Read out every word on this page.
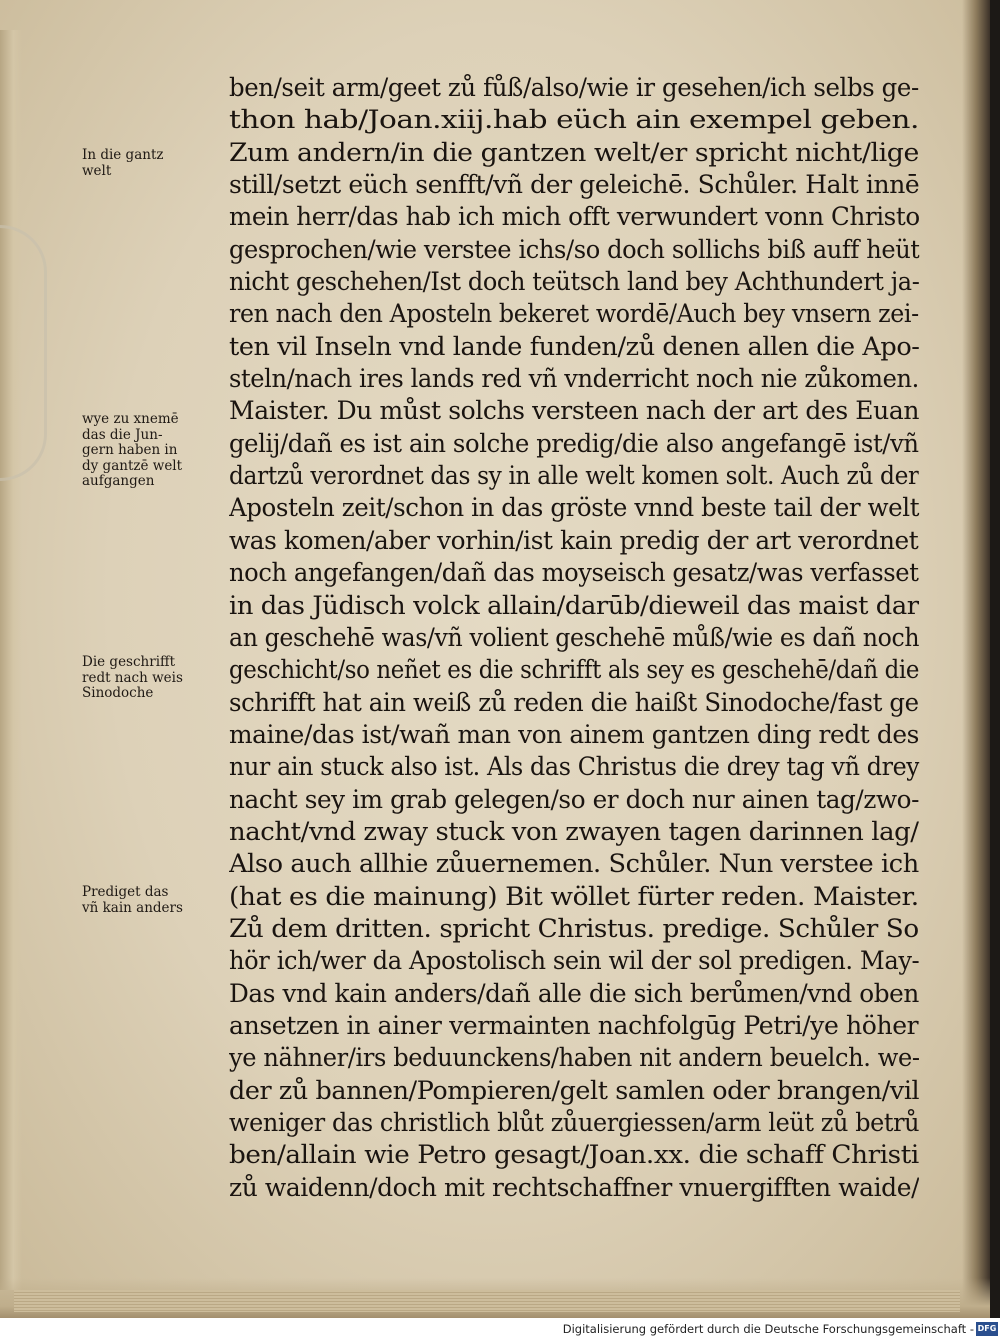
ben/seit arm/geet zů fůß/also/wie ir gesehen/ich selbs ge-
thon hab/Joan.xiij.hab eüch ain exempel geben.
Zum andern/in die gantzen welt/er spricht nicht/lige
still/setzt eüch senfft/vñ der geleichē. Schůler. Halt innē
mein herr/das hab ich mich offt verwundert vonn Christo
gesprochen/wie verstee ichs/so doch sollichs biß auff heüt
nicht geschehen/Ist doch teütsch land bey Achthundert ja-
ren nach den Aposteln bekeret wordē/Auch bey vnsern zei-
ten vil Inseln vnd lande funden/zů denen allen die Apo-
steln/nach ires lands red vñ vnderricht noch nie zůkomen.
Maister. Du můst solchs versteen nach der art des Euan
gelij/dañ es ist ain solche predig/die also angefangē ist/vñ
dartzů verordnet das sy in alle welt komen solt. Auch zů der
Aposteln zeit/schon in das gröste vnnd beste tail der welt
was komen/aber vorhin/ist kain predig der art verordnet
noch angefangen/dañ das moyseisch gesatz/was verfasset
in das Jüdisch volck allain/darūb/dieweil das maist dar
an geschehē was/vñ volient geschehē můß/wie es dañ noch
geschicht/so neñet es die schrifft als sey es geschehē/dañ die
schrifft hat ain weiß zů reden die haißt Sinodoche/fast ge
maine/das ist/wañ man von ainem gantzen ding redt des
nur ain stuck also ist. Als das Christus die drey tag vñ drey
nacht sey im grab gelegen/so er doch nur ainen tag/zwo-
nacht/vnd zway stuck von zwayen tagen darinnen lag/
Also auch allhie zůuernemen. Schůler. Nun verstee ich
(hat es die mainung) Bit wöllet fürter reden. Maister.
Zů dem dritten. spricht Christus. predige. Schůler So
hör ich/wer da Apostolisch sein wil der sol predigen. May-
Das vnd kain anders/dañ alle die sich berůmen/vnd oben
ansetzen in ainer vermainten nachfolgūg Petri/ye höher
ye nähner/irs beduunckens/haben nit andern beuelch. we-
der zů bannen/Pompieren/gelt samlen oder brangen/vil
weniger das christlich blůt zůuergiessen/arm leüt zů betrů
ben/allain wie Petro gesagt/Joan.xx. die schaff Christi
zů waidenn/doch mit rechtschaffner vnuergifften waide/
In die gantz
welt
wye zu xnemē
das die Jun-
gern haben in
dy gantzē welt
aufgangen
Die geschrifft
redt nach weis
Sinodoche
Prediget das
vñ kain anders
Digitalisierung gefördert durch die Deutsche Forschungsgemeinschaft - DFG
